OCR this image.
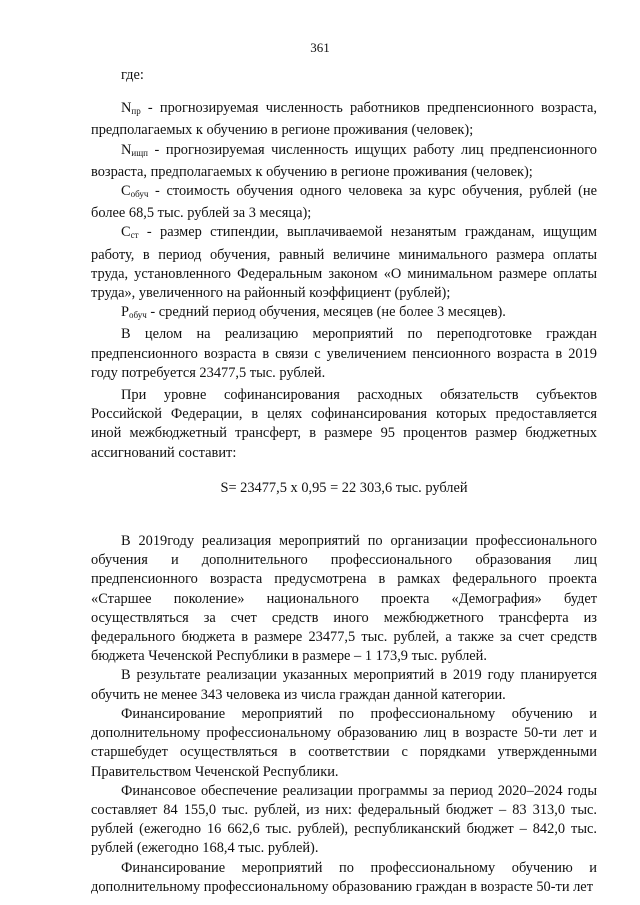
361

где:

$N_{пр}$ - прогнозируемая численность работников предпенсионного возраста, предполагаемых к обучению в регионе проживания (человек);

$N_{ищп}$ - прогнозируемая численность ищущих работу лиц предпенсионного возраста, предполагаемых к обучению в регионе проживания (человек);

$C_{обуч}$ - стоимость обучения одного человека за курс обучения, рублей (не более 68,5 тыс. рублей за 3 месяца);

$C_{ст}$ - размер стипендии, выплачиваемой незанятым гражданам, ищущим работу, в период обучения, равный величине минимального размера оплаты труда, установленного Федеральным законом «О минимальном размере оплаты труда», увеличенного на районный коэффициент (рублей);

$P_{обуч}$ - средний период обучения, месяцев (не более 3 месяцев).

В целом на реализацию мероприятий по переподготовке граждан предпенсионного возраста в связи с увеличением пенсионного возраста в 2019 году потребуется 23477,5 тыс. рублей.

При уровне софинансирования расходных обязательств субъектов Российской Федерации, в целях софинансирования которых предоставляется иной межбюджетный трансферт, в размере 95 процентов размер бюджетных ассигнований составит:

S= 23477,5 х 0,95 = 22 303,6 тыс. рублей

В 2019году реализация мероприятий по организации профессионального обучения и дополнительного профессионального образования лиц предпенсионного возраста предусмотрена в рамках федерального проекта «Старшее поколение» национального проекта «Демография» будет осуществляться за счет средств иного межбюджетного трансферта из федерального бюджета в размере 23477,5 тыс. рублей, а также за счет средств бюджета Чеченской Республики в размере – 1 173,9 тыс. рублей.

В результате реализации указанных мероприятий в 2019 году планируется обучить не менее 343 человека из числа граждан данной категории.

Финансирование мероприятий по профессиональному обучению и дополнительному профессиональному образованию лиц в возрасте 50-ти лет и старшебудет осуществляться в соответствии с порядками утвержденными Правительством Чеченской Республики.

Финансовое обеспечение реализации программы за период 2020–2024 годы составляет 84 155,0 тыс. рублей, из них: федеральный бюджет – 83 313,0 тыс. рублей (ежегодно 16 662,6 тыс. рублей), республиканский бюджет – 842,0 тыс. рублей (ежегодно 168,4 тыс. рублей).

Финансирование мероприятий по профессиональному обучению и дополнительному профессиональному образованию граждан в возрасте 50-ти лет
